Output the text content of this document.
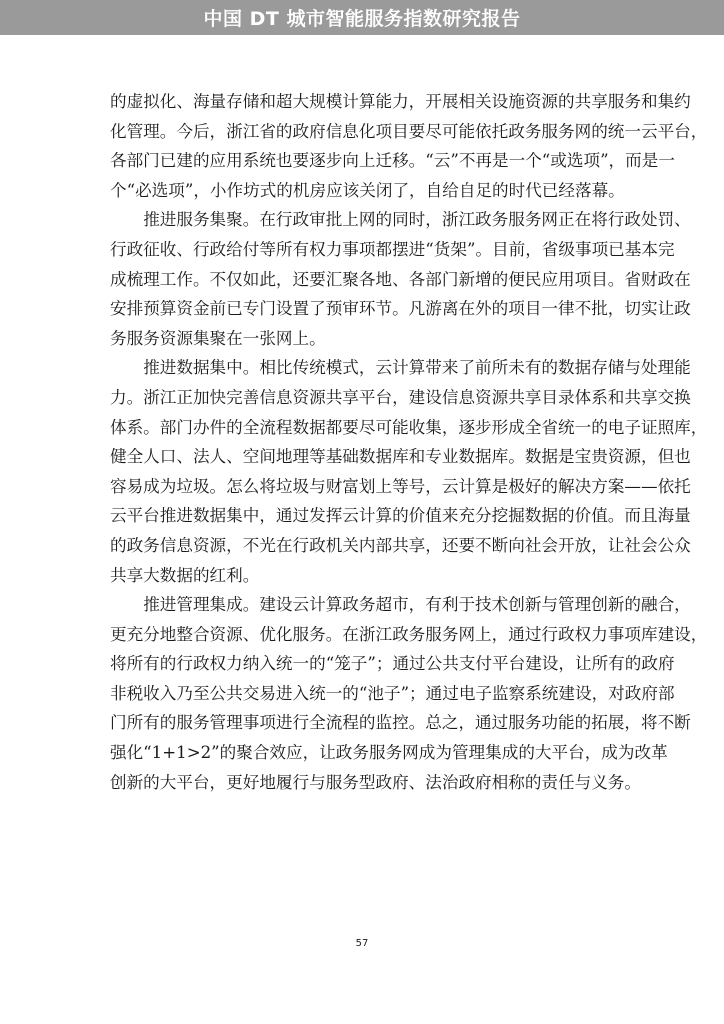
中国 DT 城市智能服务指数研究报告
的虚拟化、海量存储和超大规模计算能力，开展相关设施资源的共享服务和集约
化管理。今后，浙江省的政府信息化项目要尽可能依托政务服务网的统一云平台，
各部门已建的应用系统也要逐步向上迁移。“云”不再是一个“或选项”，而是一
个“必选项”，小作坊式的机房应该关闭了，自给自足的时代已经落幕。
推进服务集聚。在行政审批上网的同时，浙江政务服务网正在将行政处罚、
行政征收、行政给付等所有权力事项都摆进“货架”。目前，省级事项已基本完
成梳理工作。不仅如此，还要汇聚各地、各部门新增的便民应用项目。省财政在
安排预算资金前已专门设置了预审环节。凡游离在外的项目一律不批，切实让政
务服务资源集聚在一张网上。
推进数据集中。相比传统模式，云计算带来了前所未有的数据存储与处理能
力。浙江正加快完善信息资源共享平台，建设信息资源共享目录体系和共享交换
体系。部门办件的全流程数据都要尽可能收集，逐步形成全省统一的电子证照库，
健全人口、法人、空间地理等基础数据库和专业数据库。数据是宝贵资源，但也
容易成为垃圾。怎么将垃圾与财富划上等号，云计算是极好的解决方案——依托
云平台推进数据集中，通过发挥云计算的价值来充分挖掘数据的价值。而且海量
的政务信息资源，不光在行政机关内部共享，还要不断向社会开放，让社会公众
共享大数据的红利。
推进管理集成。建设云计算政务超市，有利于技术创新与管理创新的融合，
更充分地整合资源、优化服务。在浙江政务服务网上，通过行政权力事项库建设，
将所有的行政权力纳入统一的“笼子”；通过公共支付平台建设，让所有的政府
非税收入乃至公共交易进入统一的“池子”；通过电子监察系统建设，对政府部
门所有的服务管理事项进行全流程的监控。总之，通过服务功能的拓展，将不断
强化“1+1>2”的聚合效应，让政务服务网成为管理集成的大平台，成为改革
创新的大平台，更好地履行与服务型政府、法治政府相称的责任与义务。
57
